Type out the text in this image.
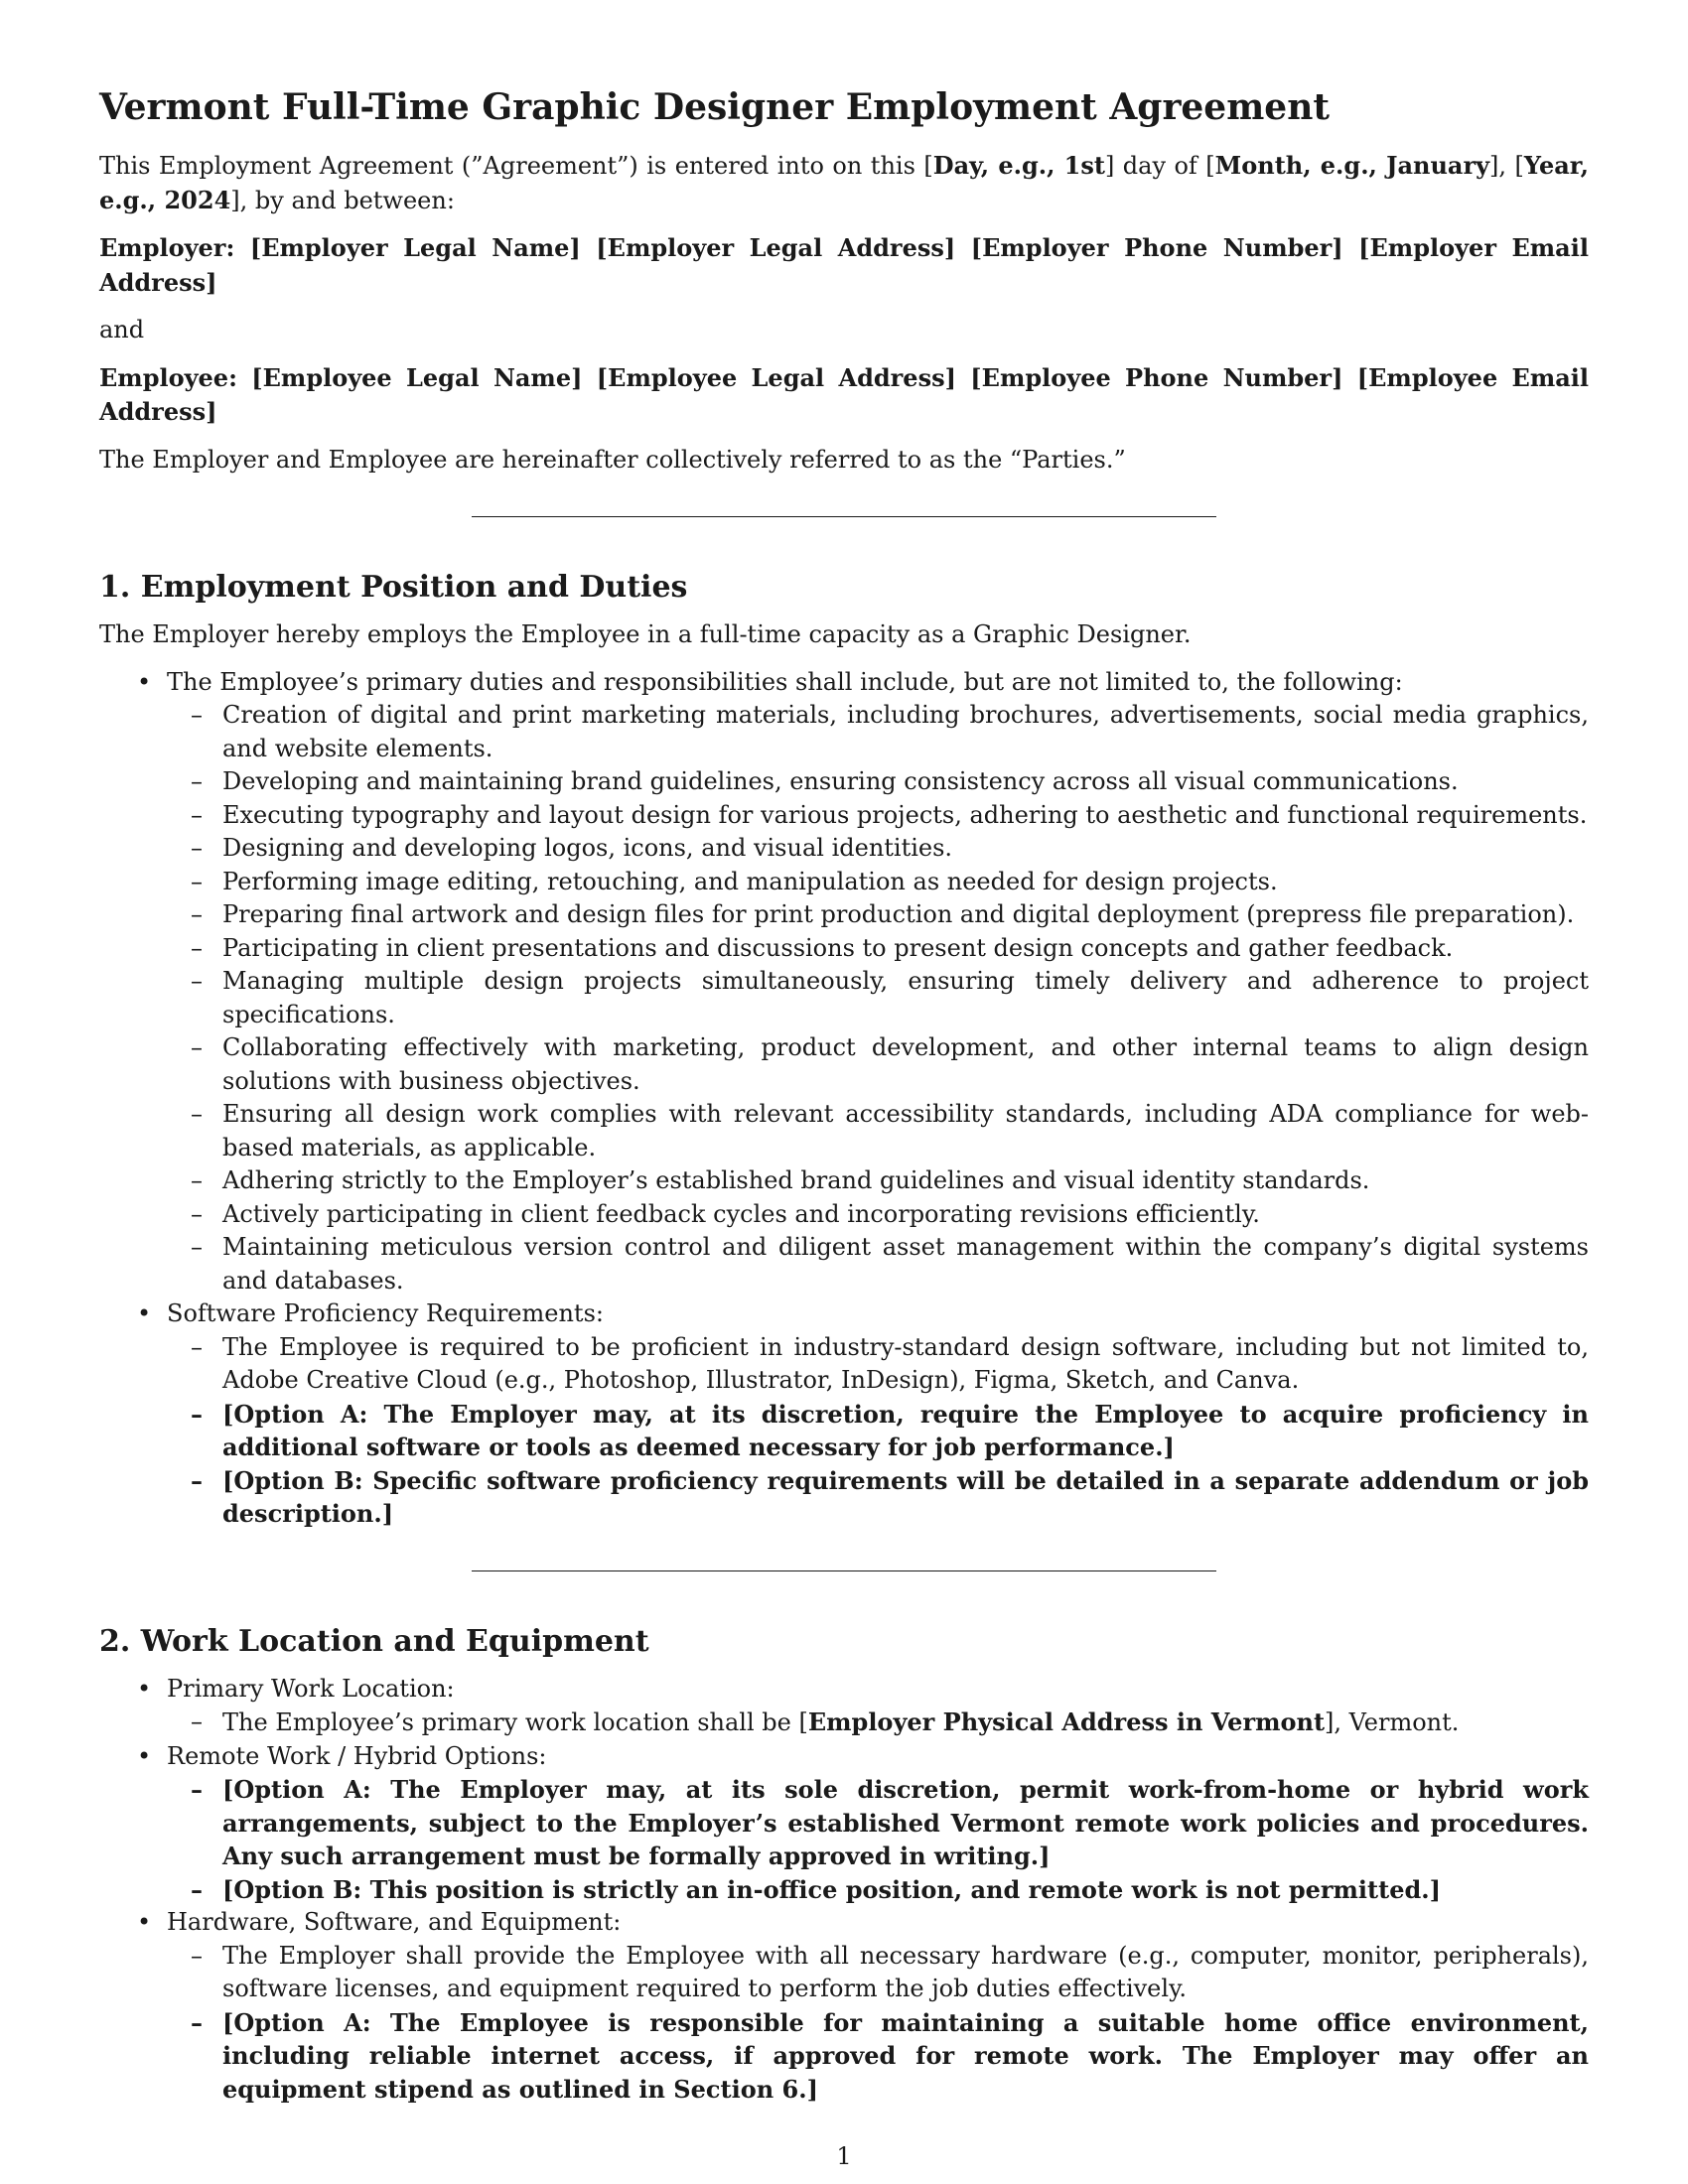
Vermont Full-Time Graphic Designer Employment Agreement

This Employment Agreement (”Agreement”) is entered into on this [Day, e.g., 1st] day of [Month, e.g., January], [Year, e.g., 2024], by and between:

Employer: [Employer Legal Name] [Employer Legal Address] [Employer Phone Number] [Employer Email Address]

and

Employee: [Employee Legal Name] [Employee Legal Address] [Employee Phone Number] [Employee Email Address]

The Employer and Employee are hereinafter collectively referred to as the “Parties.”

1. Employment Position and Duties

The Employer hereby employs the Employee in a full-time capacity as a Graphic Designer.

• The Employee’s primary duties and responsibilities shall include, but are not limited to, the following:
– Creation of digital and print marketing materials, including brochures, advertisements, social media graphics, and website elements.
– Developing and maintaining brand guidelines, ensuring consistency across all visual communications.
– Executing typography and layout design for various projects, adhering to aesthetic and functional requirements.
– Designing and developing logos, icons, and visual identities.
– Performing image editing, retouching, and manipulation as needed for design projects.
– Preparing final artwork and design files for print production and digital deployment (prepress file preparation).
– Participating in client presentations and discussions to present design concepts and gather feedback.
– Managing multiple design projects simultaneously, ensuring timely delivery and adherence to project specifications.
– Collaborating effectively with marketing, product development, and other internal teams to align design solutions with business objectives.
– Ensuring all design work complies with relevant accessibility standards, including ADA compliance for web-based materials, as applicable.
– Adhering strictly to the Employer’s established brand guidelines and visual identity standards.
– Actively participating in client feedback cycles and incorporating revisions efficiently.
– Maintaining meticulous version control and diligent asset management within the company’s digital systems and databases.
• Software Proficiency Requirements:
– The Employee is required to be proficient in industry-standard design software, including but not limited to, Adobe Creative Cloud (e.g., Photoshop, Illustrator, InDesign), Figma, Sketch, and Canva.
– [Option A: The Employer may, at its discretion, require the Employee to acquire proficiency in additional software or tools as deemed necessary for job performance.]
– [Option B: Specific software proficiency requirements will be detailed in a separate addendum or job description.]
2. Work Location and Equipment
• Primary Work Location:
– The Employee’s primary work location shall be [Employer Physical Address in Vermont], Vermont.
• Remote Work / Hybrid Options:
– [Option A: The Employer may, at its sole discretion, permit work-from-home or hybrid work arrangements, subject to the Employer’s established Vermont remote work policies and procedures. Any such arrangement must be formally approved in writing.]
– [Option B: This position is strictly an in-office position, and remote work is not permitted.]
• Hardware, Software, and Equipment:
– The Employer shall provide the Employee with all necessary hardware (e.g., computer, monitor, peripherals), software licenses, and equipment required to perform the job duties effectively.
– [Option A: The Employee is responsible for maintaining a suitable home office environment, including reliable internet access, if approved for remote work. The Employer may offer an equipment stipend as outlined in Section 6.]
1
